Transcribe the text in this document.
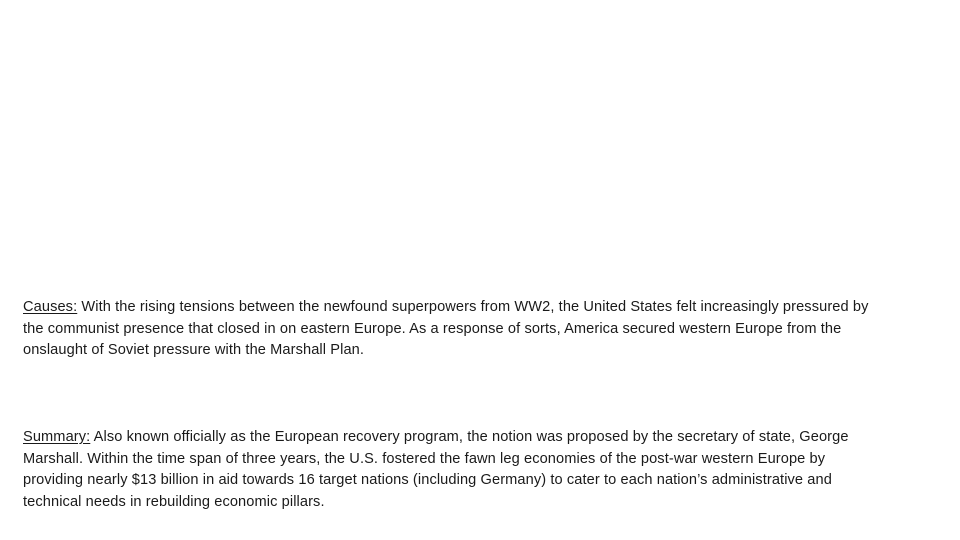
Causes: With the rising tensions between the newfound superpowers from WW2, the United States felt increasingly pressured by the communist presence that closed in on eastern Europe. As a response of sorts, America secured western Europe from the onslaught of Soviet pressure with the Marshall Plan.

Summary: Also known officially as the European recovery program, the notion was proposed by the secretary of state, George Marshall. Within the time span of three years, the U.S. fostered the fawn leg economies of the post-war western Europe by providing nearly $13 billion in aid towards 16 target nations (including Germany) to cater to each nation’s administrative and technical needs in rebuilding economic pillars.
